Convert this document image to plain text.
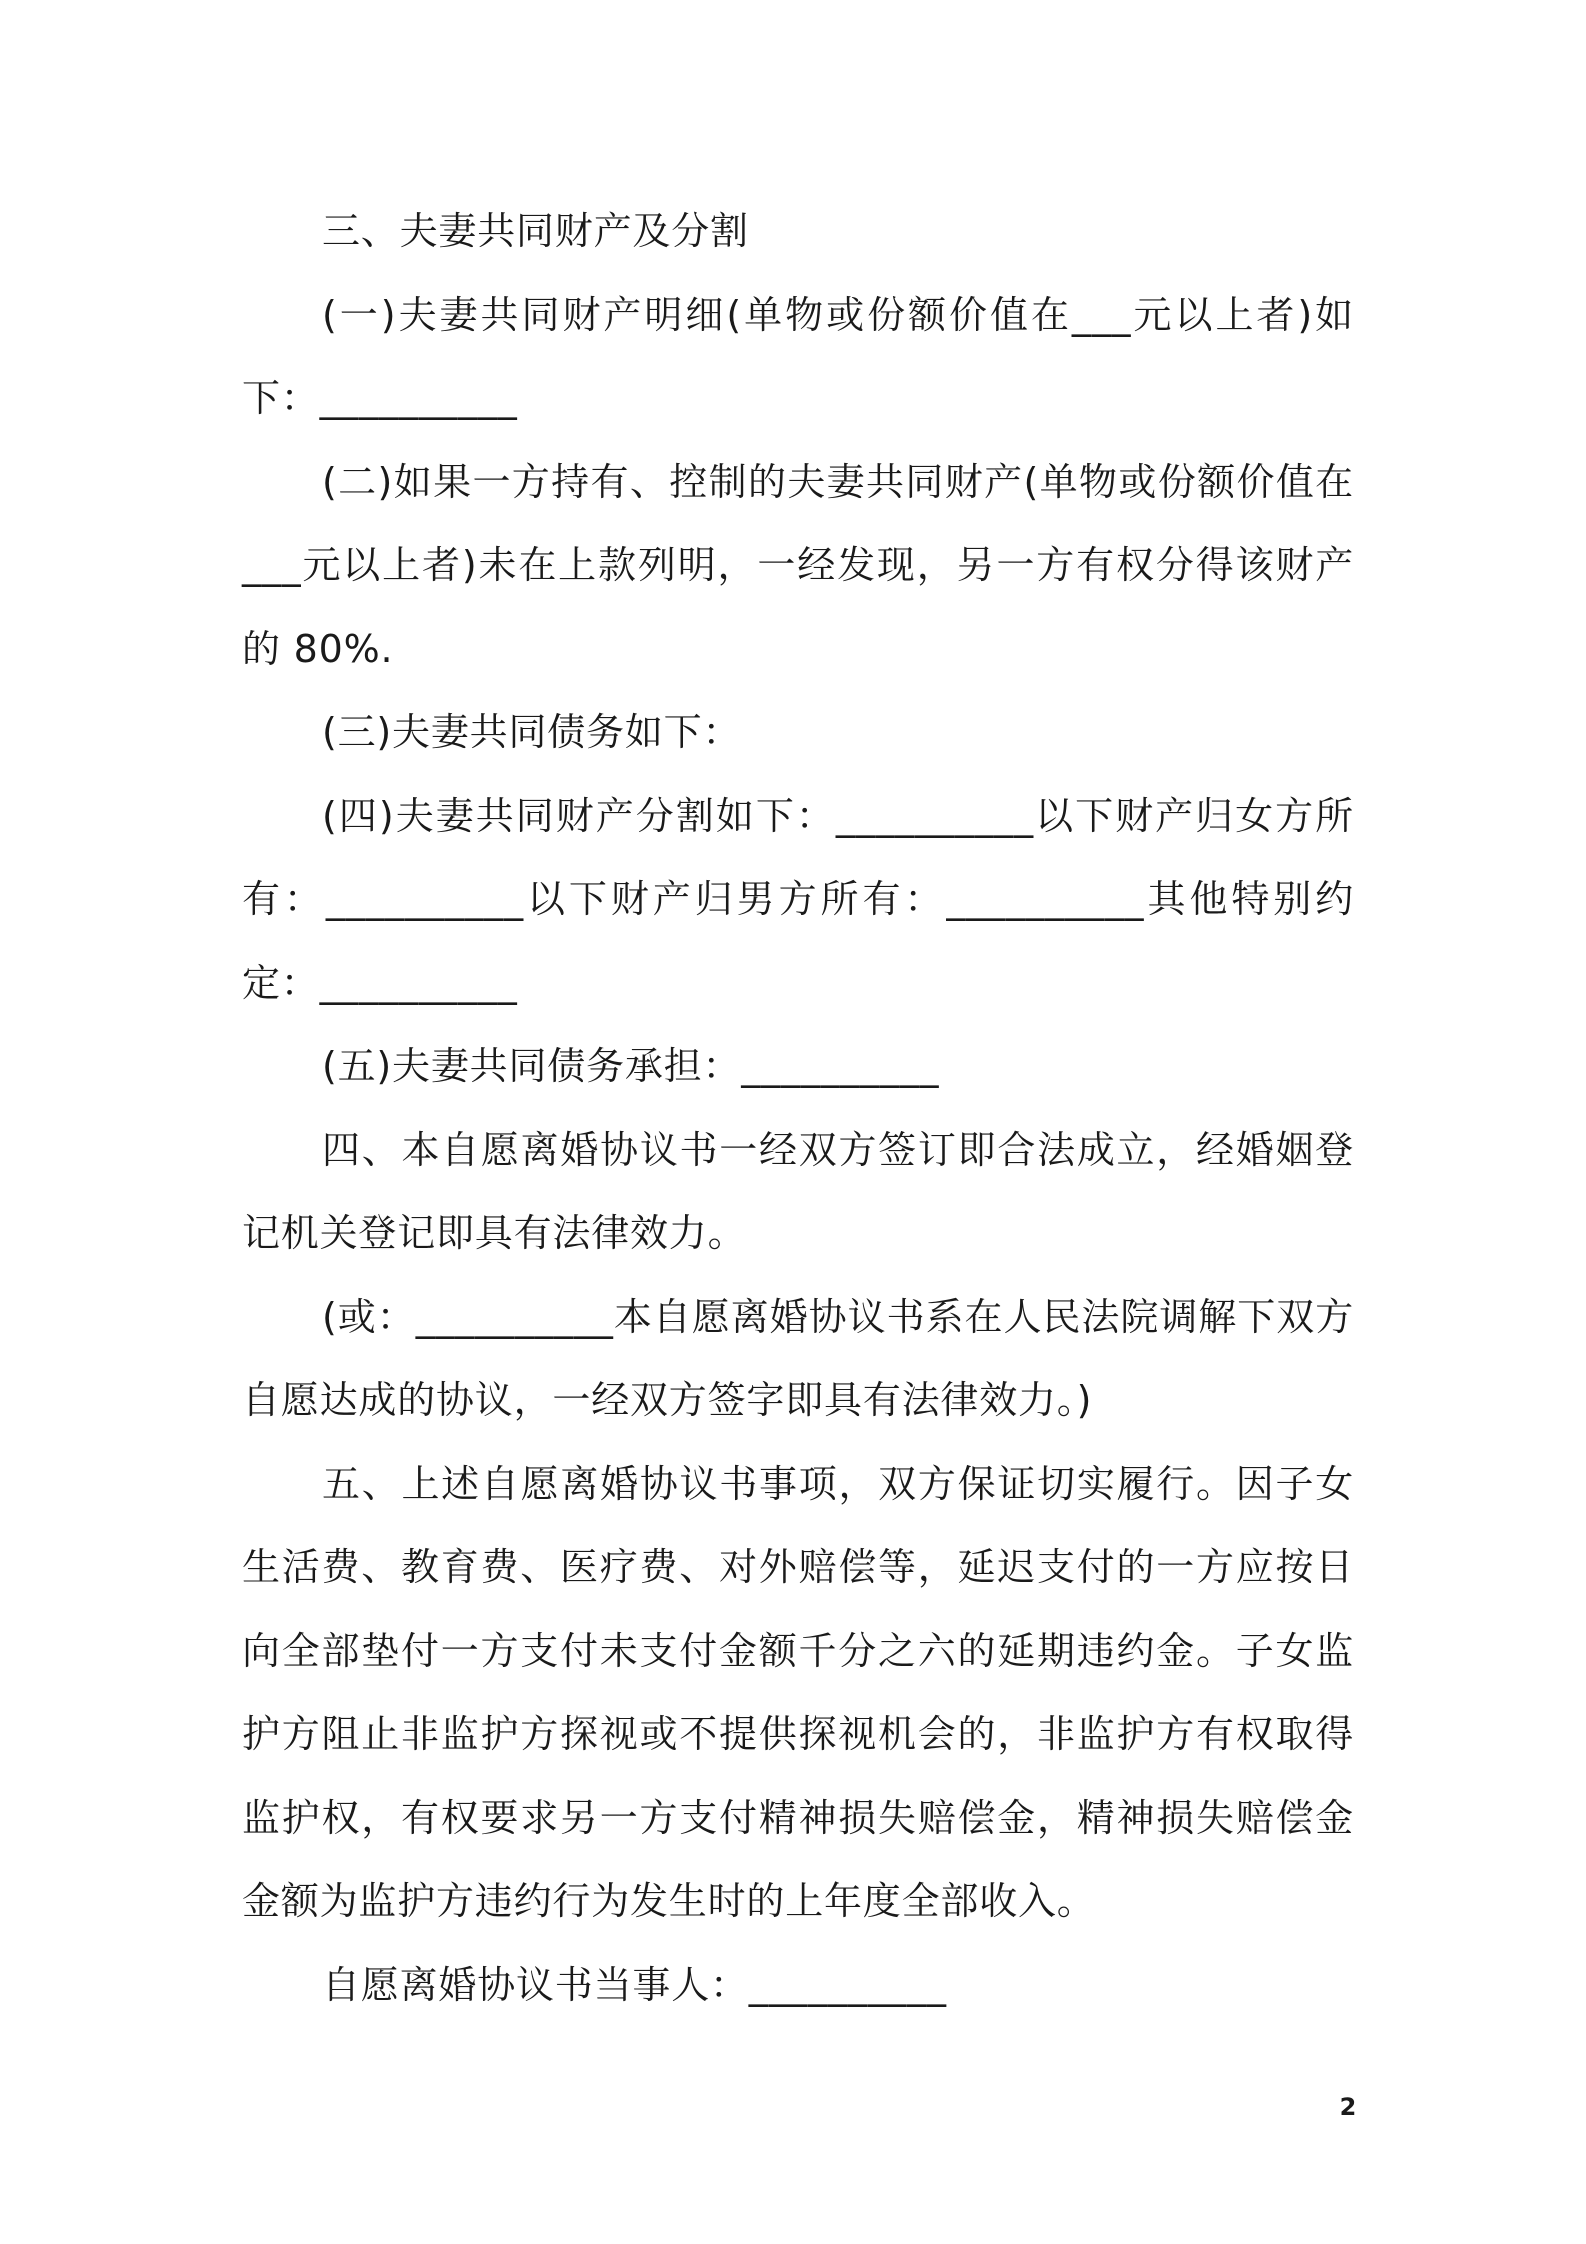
三、夫妻共同财产及分割

(一)夫妻共同财产明细(单物或份额价值在___元以上者)如下：__________

(二)如果一方持有、控制的夫妻共同财产(单物或份额价值在___元以上者)未在上款列明，一经发现，另一方有权分得该财产的 80%.

(三)夫妻共同债务如下：

(四)夫妻共同财产分割如下：__________以下财产归女方所有：__________以下财产归男方所有：__________其他特别约定：__________

(五)夫妻共同债务承担：__________

四、本自愿离婚协议书一经双方签订即合法成立，经婚姻登记机关登记即具有法律效力。

(或：__________本自愿离婚协议书系在人民法院调解下双方自愿达成的协议，一经双方签字即具有法律效力。)

五、上述自愿离婚协议书事项，双方保证切实履行。因子女生活费、教育费、医疗费、对外赔偿等，延迟支付的一方应按日向全部垫付一方支付未支付金额千分之六的延期违约金。子女监护方阻止非监护方探视或不提供探视机会的，非监护方有权取得监护权，有权要求另一方支付精神损失赔偿金，精神损失赔偿金金额为监护方违约行为发生时的上年度全部收入。

自愿离婚协议书当事人：__________

2
